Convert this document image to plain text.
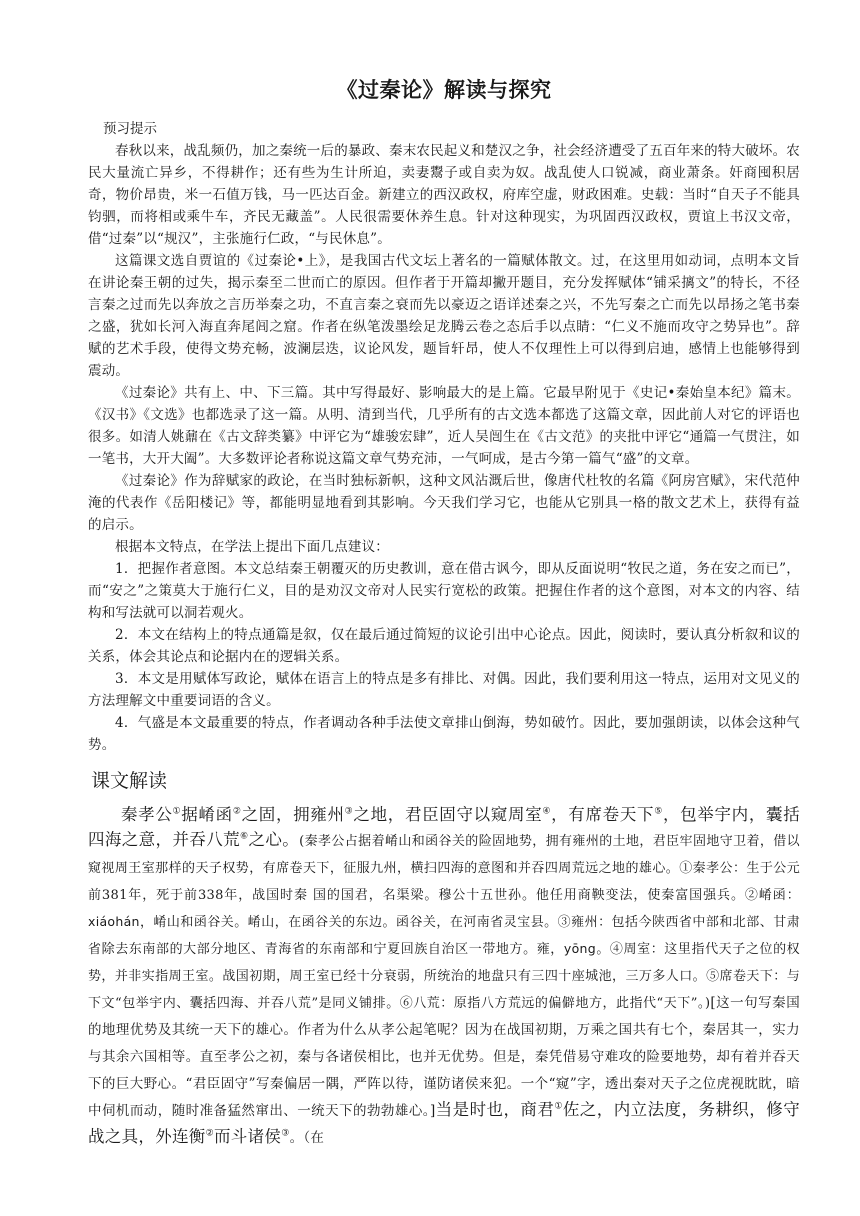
《过秦论》解读与探究
预习提示

春秋以来，战乱频仍，加之秦统一后的暴政、秦末农民起义和楚汉之争，社会经济遭受了五百年来的特大破坏。农民大量流亡异乡，不得耕作；还有些为生计所迫，卖妻鬻子或自卖为奴。战乱使人口锐减，商业萧条。奸商囤积居奇，物价昂贵，米一石值万钱，马一匹达百金。新建立的西汉政权，府库空虚，财政困难。史载：当时“自天子不能具钧驷，而将相或乘牛车，齐民无藏盖”。人民很需要休养生息。针对这种现实，为巩固西汉政权，贾谊上书汉文帝，借“过秦”以“规汉”，主张施行仁政，“与民休息”。

这篇课文选自贾谊的《过秦论•上》，是我国古代文坛上著名的一篇赋体散文。过，在这里用如动词，点明本文旨在讲论秦王朝的过失，揭示秦至二世而亡的原因。但作者于开篇却撇开题目，充分发挥赋体“铺采摛文”的特长，不径言秦之过而先以奔放之言历举秦之功，不直言秦之衰而先以豪迈之语详述秦之兴，不先写秦之亡而先以昂扬之笔书秦之盛，犹如长河入海直奔尾闾之窟。作者在纵笔泼墨绘足龙腾云卷之态后手以点睛：“仁义不施而攻守之势异也”。辞赋的艺术手段，使得文势充畅，波澜层迭，议论风发，题旨轩昂，使人不仅理性上可以得到启迪，感情上也能够得到震动。

《过秦论》共有上、中、下三篇。其中写得最好、影响最大的是上篇。它最早附见于《史记•秦始皇本纪》篇末。《汉书》《文选》也都选录了这一篇。从明、清到当代，几乎所有的古文选本都选了这篇文章，因此前人对它的评语也很多。如清人姚鼐在《古文辞类纂》中评它为“雄骏宏肆”，近人吴闿生在《古文范》的夹批中评它“通篇一气贯注，如一笔书，大开大阖”。大多数评论者称说这篇文章气势充沛，一气呵成，是古今第一篇气“盛”的文章。

《过秦论》作为辞赋家的政论，在当时独标新帜，这种文风沾溉后世，像唐代杜牧的名篇《阿房宫赋》，宋代范仲淹的代表作《岳阳楼记》等，都能明显地看到其影响。今天我们学习它，也能从它别具一格的散文艺术上，获得有益的启示。

根据本文特点，在学法上提出下面几点建议：

1．把握作者意图。本文总结秦王朝覆灭的历史教训，意在借古讽今，即从反面说明“牧民之道，务在安之而已”，而“安之”之策莫大于施行仁义，目的是劝汉文帝对人民实行宽松的政策。把握住作者的这个意图，对本文的内容、结构和写法就可以洞若观火。

2．本文在结构上的特点通篇是叙，仅在最后通过简短的议论引出中心论点。因此，阅读时，要认真分析叙和议的关系，体会其论点和论据内在的逻辑关系。

3．本文是用赋体写政论，赋体在语言上的特点是多有排比、对偶。因此，我们要利用这一特点，运用对文见义的方法理解文中重要词语的含义。

4．气盛是本文最重要的特点，作者调动各种手法使文章排山倒海，势如破竹。因此，要加强朗读，以体会这种气势。

课文解读

秦孝公①据崤函②之固，拥雍州③之地，君臣固守以窥周室④，有席卷天下⑤，包举宇内，囊括四海之意，并吞八荒⑥之心。(秦孝公占据着崤山和函谷关的险固地势，拥有雍州的土地，君臣牢固地守卫着，借以窥视周王室那样的天子权势，有席卷天下，征服九州，横扫四海的意图和并吞四周荒远之地的雄心。①秦孝公：生于公元前381年，死于前338年，战国时秦 国的国君，名渠梁。穆公十五世孙。他任用商鞅变法，使秦富国强兵。②崤函：xiáohán，崤山和函谷关。崤山，在函谷关的东边。函谷关，在河南省灵宝县。③雍州：包括今陕西省中部和北部、甘肃省除去东南部的大部分地区、青海省的东南部和宁夏回族自治区一带地方。雍，yōng。④周室：这里指代天子之位的权势，并非实指周王室。战国初期，周王室已经十分衰弱，所统治的地盘只有三四十座城池，三万多人口。⑤席卷天下：与下文“包举宇内、囊括四海、并吞八荒”是同义铺排。⑥八荒：原指八方荒远的偏僻地方，此指代“天下”。)[这一句写秦国的地理优势及其统一天下的雄心。作者为什么从孝公起笔呢？因为在战国初期，万乘之国共有七个，秦居其一，实力与其余六国相等。直至孝公之初，秦与各诸侯相比，也并无优势。但是，秦凭借易守难攻的险要地势，却有着并吞天下的巨大野心。“君臣固守”写秦偏居一隅，严阵以待，谨防诸侯来犯。一个“窥”字，透出秦对天子之位虎视眈眈，暗中伺机而动，随时准备猛然窜出、一统天下的勃勃雄心。]当是时也，商君①佐之，内立法度，务耕织，修守战之具，外连衡②而斗诸侯③。（在
